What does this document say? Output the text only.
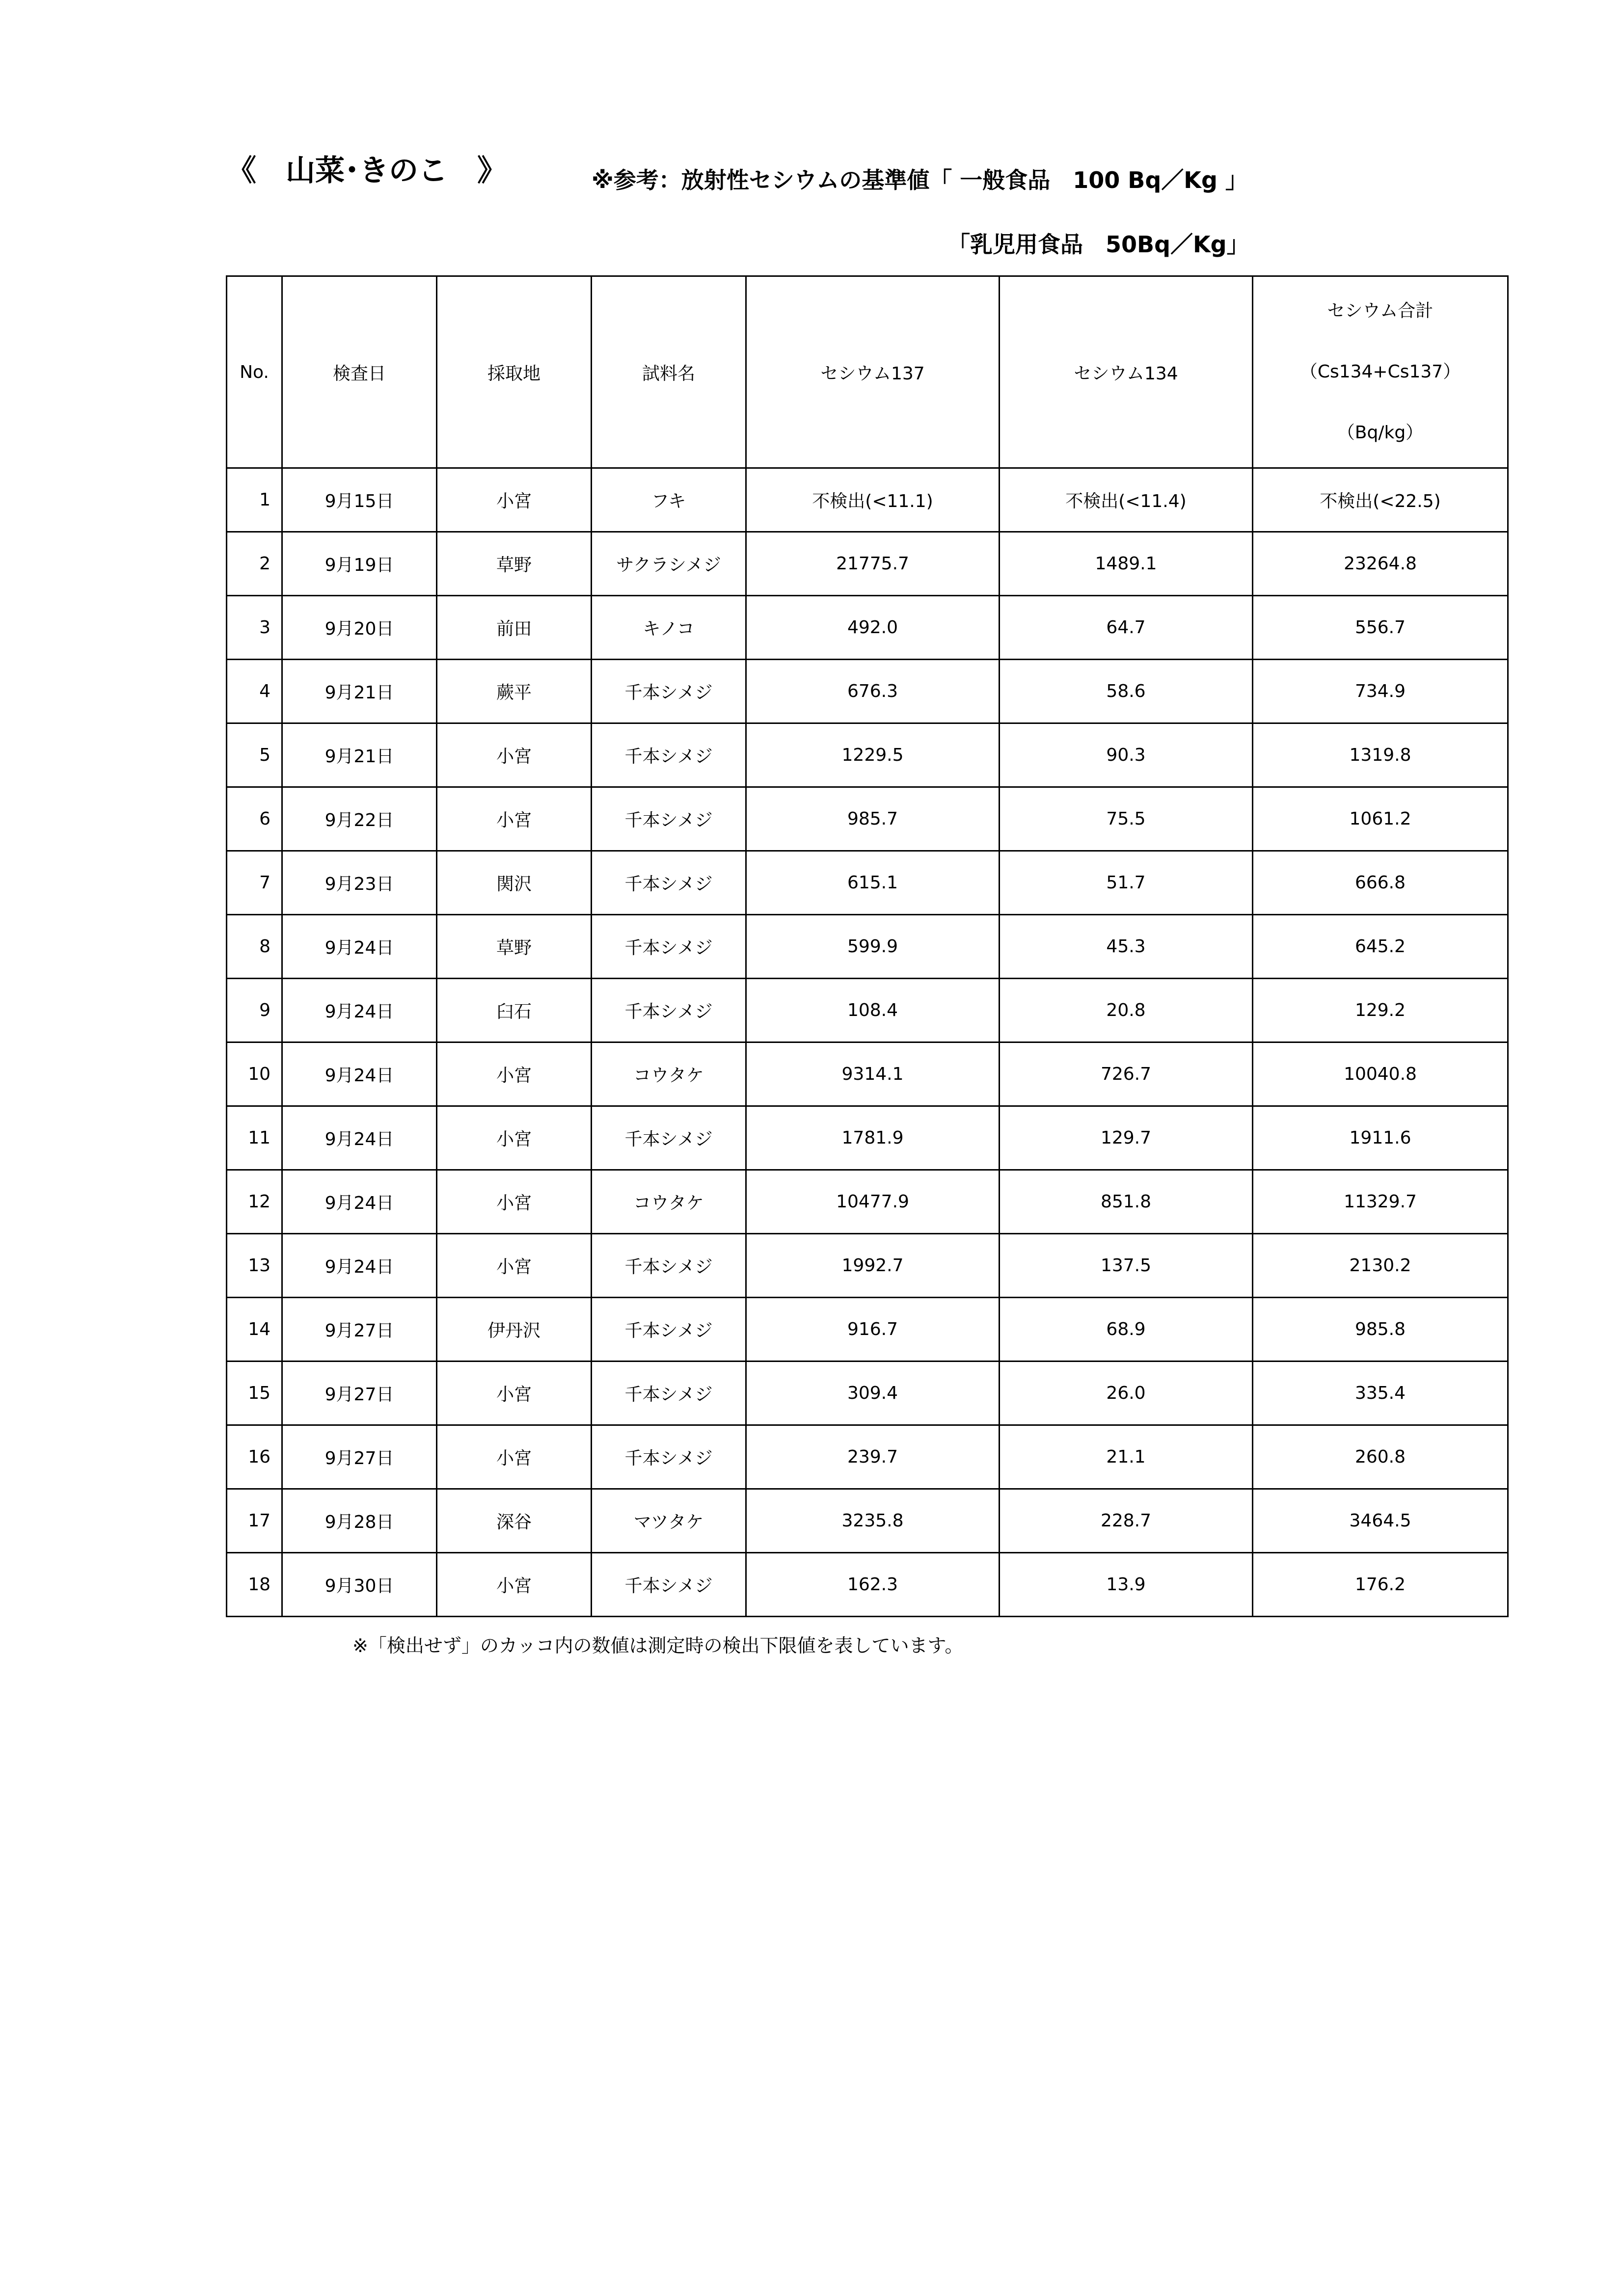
《　山菜･きのこ　》	※参考：放射性セシウムの基準値「 一般食品　100 Bq／Kg 」
「乳児用食品　50Bq／Kg」
No.	検査日	採取地	試料名	セシウム137	セシウム134	セシウム合計
（Cs134+Cs137）
（Bq/kg）

1	9月15日	小宮	フキ	不検出(<11.1)	不検出(<11.4)	不検出(<22.5)
2	9月19日	草野	サクラシメジ	21775.7	1489.1	23264.8
3	9月20日	前田	キノコ	492.0	64.7	556.7
4	9月21日	蕨平	千本シメジ	676.3	58.6	734.9
5	9月21日	小宮	千本シメジ	1229.5	90.3	1319.8
6	9月22日	小宮	千本シメジ	985.7	75.5	1061.2
7	9月23日	関沢	千本シメジ	615.1	51.7	666.8
8	9月24日	草野	千本シメジ	599.9	45.3	645.2
9	9月24日	臼石	千本シメジ	108.4	20.8	129.2
10	9月24日	小宮	コウタケ	9314.1	726.7	10040.8
11	9月24日	小宮	千本シメジ	1781.9	129.7	1911.6
12	9月24日	小宮	コウタケ	10477.9	851.8	11329.7
13	9月24日	小宮	千本シメジ	1992.7	137.5	2130.2
14	9月27日	伊丹沢	千本シメジ	916.7	68.9	985.8
15	9月27日	小宮	千本シメジ	309.4	26.0	335.4
16	9月27日	小宮	千本シメジ	239.7	21.1	260.8
17	9月28日	深谷	マツタケ	3235.8	228.7	3464.5
18	9月30日	小宮	千本シメジ	162.3	13.9	176.2
※「検出せず」のカッコ内の数値は測定時の検出下限値を表しています。
